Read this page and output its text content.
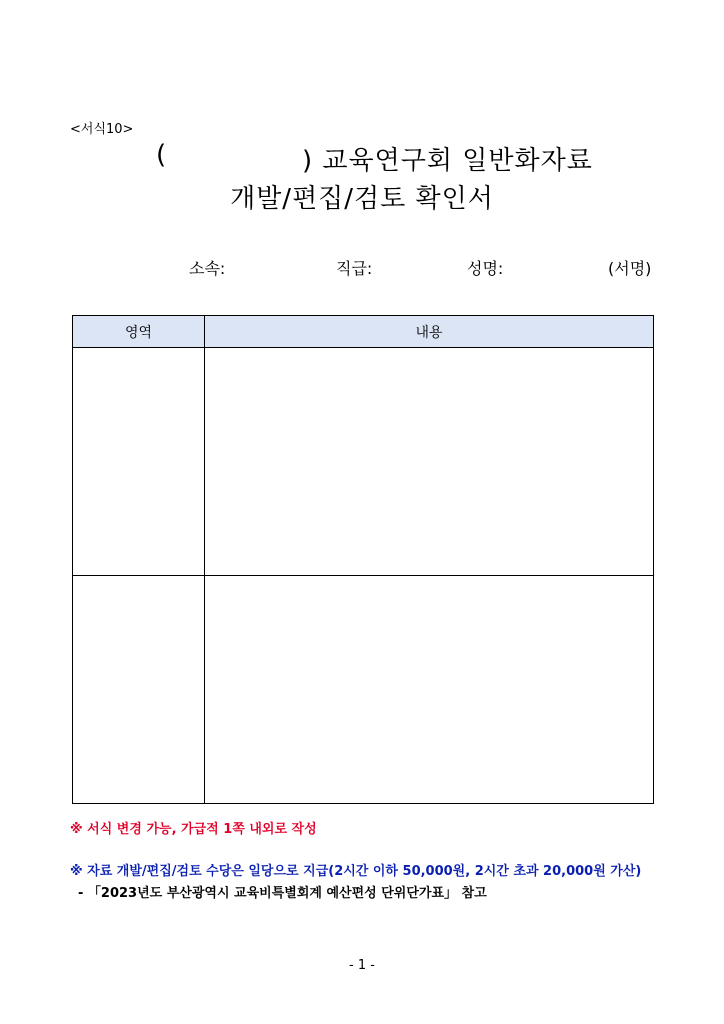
<서식10>
(	) 교육연구회 일반화자료
개발/편집/검토 확인서
소속:	직급:	성명:	(서명)
영역	내용

※ 서식 변경 가능, 가급적 1쪽 내외로 작성
※ 자료 개발/편집/검토 수당은 일당으로 지급(2시간 이하 50,000원, 2시간 초과 20,000원 가산)
- 「2023년도 부산광역시 교육비특별회계 예산편성 단위단가표」 참고
- 1 -
